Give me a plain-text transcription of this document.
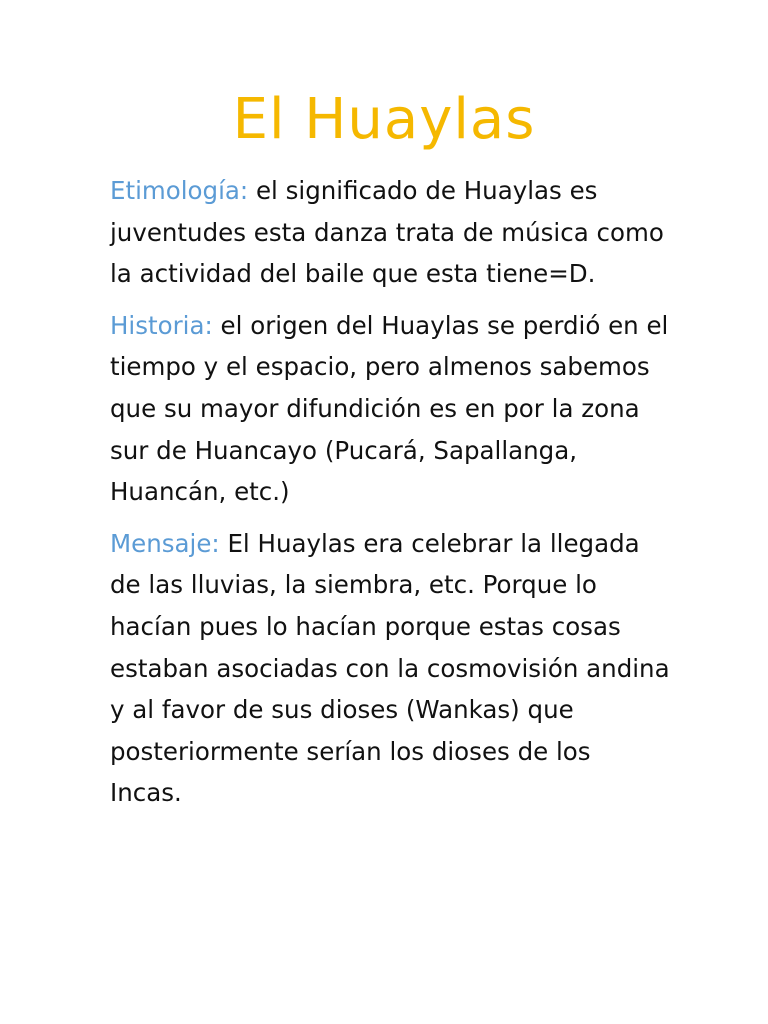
El Huaylas

Etimología: el significado de Huaylas es juventudes esta danza trata de música como la actividad del baile que esta tiene=D.

Historia: el origen del Huaylas se perdió en el tiempo y el espacio, pero almenos sabemos que su mayor difundición es en por la zona sur de Huancayo (Pucará, Sapallanga, Huancán, etc.)

Mensaje: El Huaylas era celebrar la llegada de las lluvias, la siembra, etc. Porque lo hacían pues lo hacían porque estas cosas estaban asociadas con la cosmovisión andina y al favor de sus dioses (Wankas) que posteriormente serían los dioses de los Incas.
